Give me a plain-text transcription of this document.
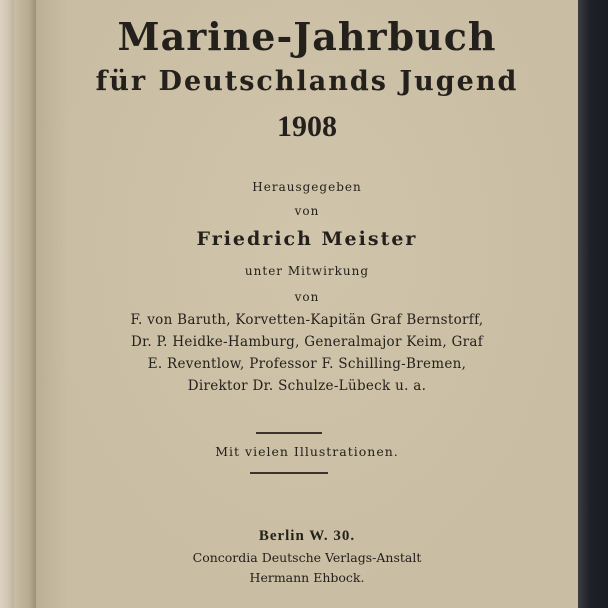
Marine-Jahrbuch
für Deutschlands Jugend
1908
Herausgegeben
von
Friedrich Meister
unter Mitwirkung
von
F. von Baruth, Korvetten-Kapitän Graf Bernstorff,
Dr. P. Heidke-Hamburg, Generalmajor Keim, Graf
E. Reventlow, Professor F. Schilling-Bremen,
Direktor Dr. Schulze-Lübeck u. a.
Mit vielen Illustrationen.
Berlin W. 30.
Concordia Deutsche Verlags-Anstalt
Hermann Ehbock.
